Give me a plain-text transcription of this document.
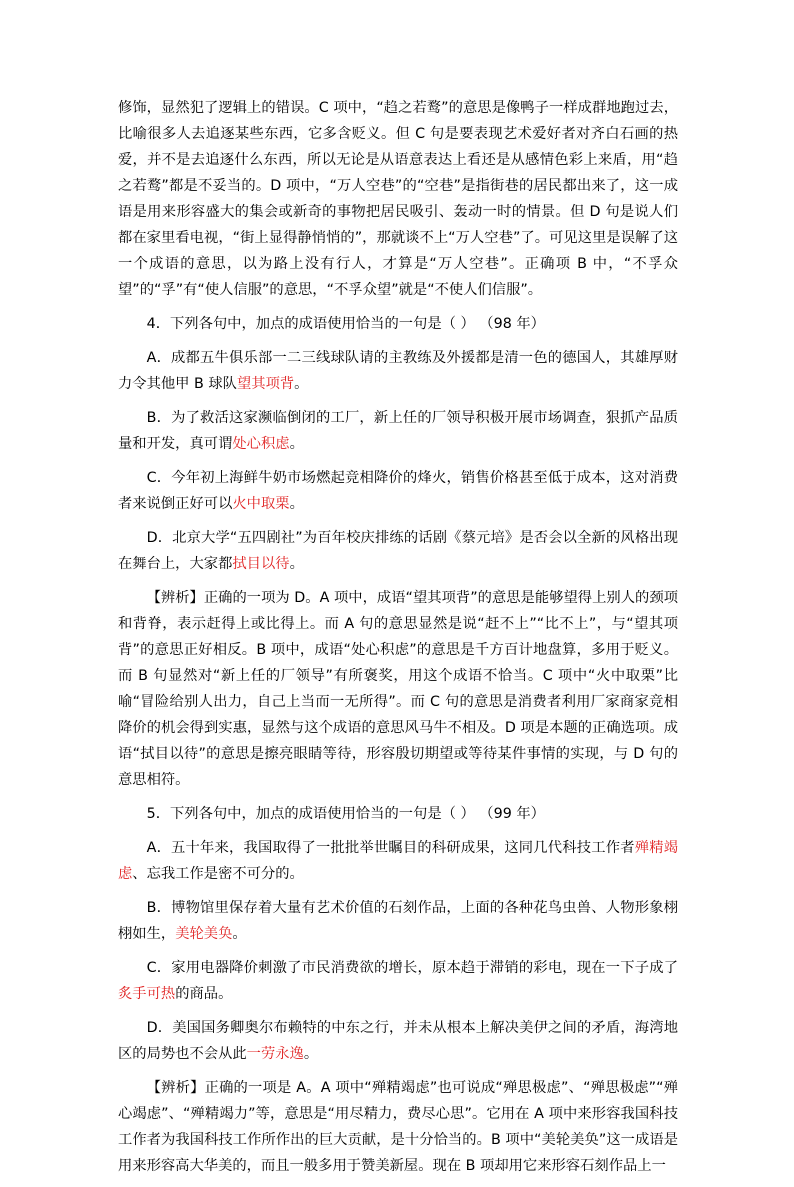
修饰，显然犯了逻辑上的错误。C 项中，“趋之若鹜”的意思是像鸭子一样成群地跑过去，比喻很多人去追逐某些东西，它多含贬义。但 C 句是要表现艺术爱好者对齐白石画的热爱，并不是去追逐什么东西，所以无论是从语意表达上看还是从感情色彩上来盾，用“趋之若鹜”都是不妥当的。D 项中，“万人空巷”的“空巷”是指街巷的居民都出来了，这一成语是用来形容盛大的集会或新奇的事物把居民吸引、轰动一时的情景。但 D 句是说人们都在家里看电视，“街上显得静悄悄的”，那就谈不上“万人空巷”了。可见这里是误解了这一个成语的意思，以为路上没有行人，才算是“万人空巷”。正确项 B 中，“不孚众望”的“孚”有“使人信服”的意思，“不孚众望”就是“不使人们信服”。

4．下列各句中，加点的成语使用恰当的一句是（ ） （98 年）

A．成都五牛俱乐部一二三线球队请的主教练及外援都是清一色的德国人，其雄厚财力令其他甲 B 球队望其项背。

B．为了救活这家濒临倒闭的工厂，新上任的厂领导积极开展市场调查，狠抓产品质量和开发，真可谓处心积虑。

C．今年初上海鲜牛奶市场燃起竞相降价的烽火，销售价格甚至低于成本，这对消费者来说倒正好可以火中取栗。

D．北京大学“五四剧社”为百年校庆排练的话剧《蔡元培》是否会以全新的风格出现在舞台上，大家都拭目以待。

【辨析】正确的一项为 D。A 项中，成语“望其项背”的意思是能够望得上别人的颈项和背脊，表示赶得上或比得上。而 A 句的意思显然是说“赶不上”“比不上”，与“望其项背”的意思正好相反。B 项中，成语“处心积虑”的意思是千方百计地盘算，多用于贬义。而 B 句显然对“新上任的厂领导”有所褒奖，用这个成语不恰当。C 项中“火中取栗”比喻“冒险给别人出力，自己上当而一无所得”。而 C 句的意思是消费者利用厂家商家竞相降价的机会得到实惠，显然与这个成语的意思风马牛不相及。D 项是本题的正确选项。成语“拭目以待”的意思是擦亮眼睛等待，形容殷切期望或等待某件事情的实现，与 D 句的意思相符。

5．下列各句中，加点的成语使用恰当的一句是（ ） （99 年）

A．五十年来，我国取得了一批批举世瞩目的科研成果，这同几代科技工作者殚精竭虑、忘我工作是密不可分的。

B．博物馆里保存着大量有艺术价值的石刻作品，上面的各种花鸟虫兽、人物形象栩栩如生，美轮美奂。

C．家用电器降价刺激了市民消费欲的增长，原本趋于滞销的彩电，现在一下子成了炙手可热的商品。

D．美国国务卿奥尔布赖特的中东之行，并未从根本上解决美伊之间的矛盾，海湾地区的局势也不会从此一劳永逸。

【辨析】正确的一项是 A。A 项中“殚精竭虑”也可说成“殚思极虑”、“殚思极虑”“殚心竭虑”、“殚精竭力”等，意思是“用尽精力，费尽心思”。它用在 A 项中来形容我国科技工作者为我国科技工作所作出的巨大贡献，是十分恰当的。B 项中“美轮美奂”这一成语是用来形容高大华美的，而且一般多用于赞美新屋。现在 B 项却用它来形容石刻作品上一
